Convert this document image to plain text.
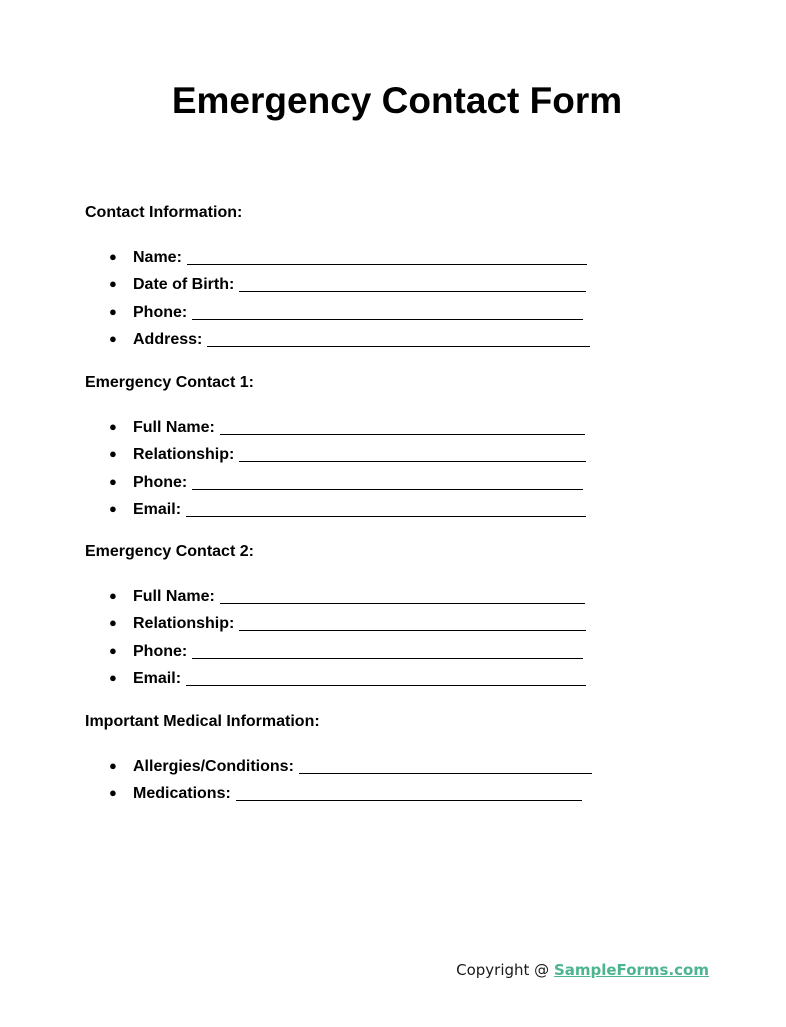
Emergency Contact Form
Contact Information:
● Name:
● Date of Birth:
● Phone:
● Address:
Emergency Contact 1:
● Full Name:
● Relationship:
● Phone:
● Email:
Emergency Contact 2:
● Full Name:
● Relationship:
● Phone:
● Email:
Important Medical Information:
● Allergies/Conditions:
● Medications:
Copyright @ SampleForms.com
